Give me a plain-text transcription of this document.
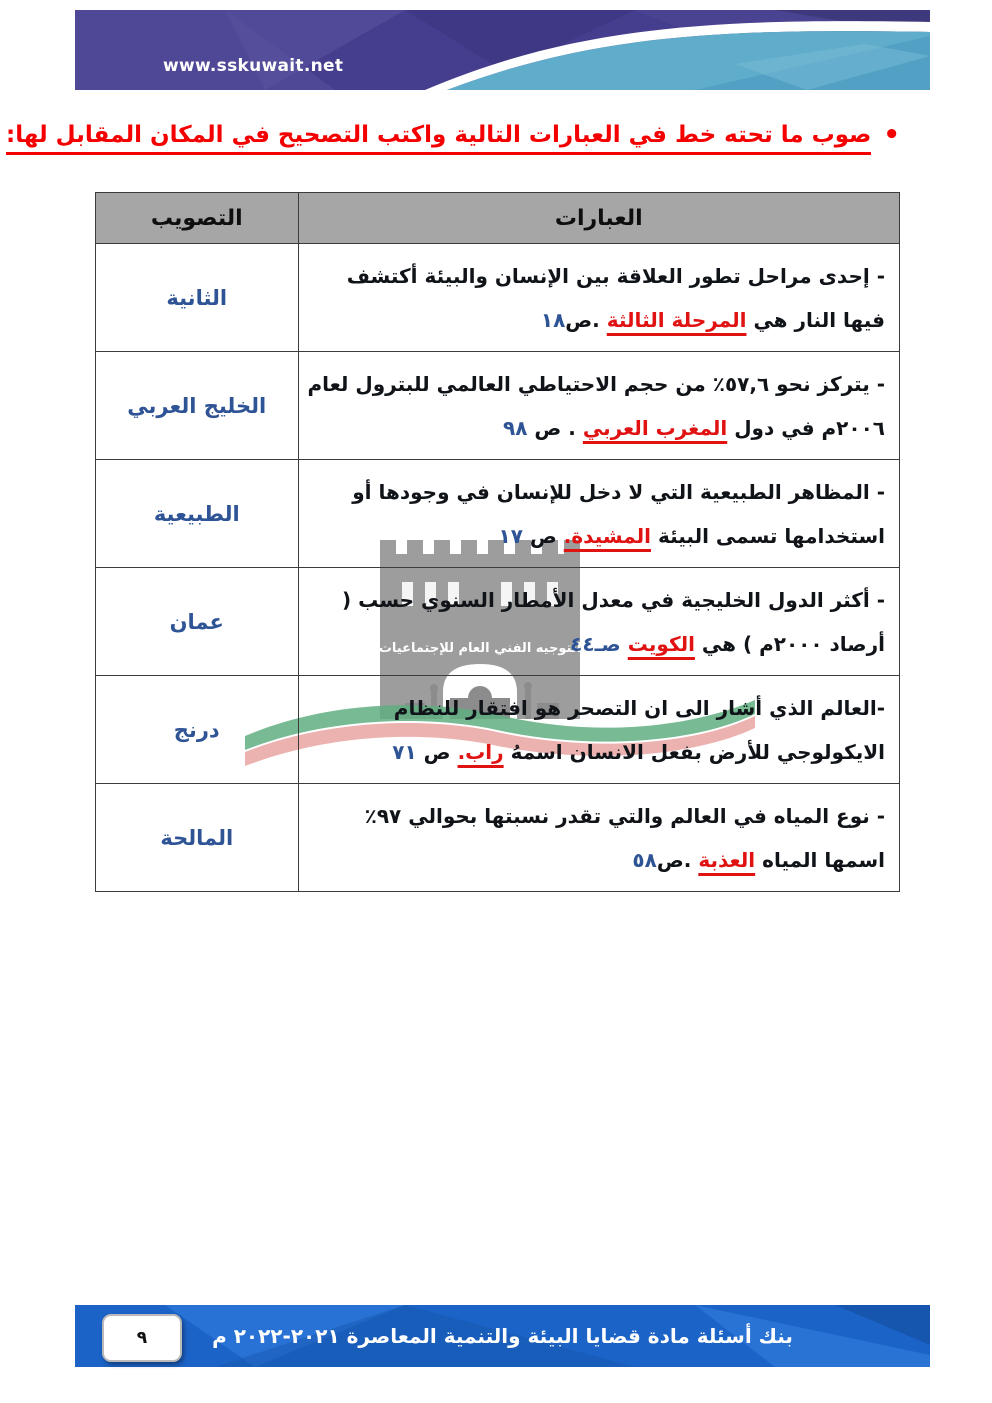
www.sskuwait.net
•صوب ما تحته خط في العبارات التالية واكتب التصحيح في المكان المقابل لها:
التوجيه الفني العام للإجتماعيات
العبارات	التصويب
- إحدى مراحل تطور العلاقة بين الإنسان والبيئة أكتشف فيها النار هي المرحلة الثالثة .ص١٨	الثانية
- يتركز نحو ٥٧,٦٪ من حجم الاحتياطي العالمي للبترول لعام ٢٠٠٦م في دول المغرب العربي . ص ٩٨	الخليج العربي
- المظاهر الطبيعية التي لا دخل للإنسان في وجودها أو استخدامها تسمى البيئة المشيدة. ص ١٧	الطبيعية
- أكثر الدول الخليجية في معدل الأمطار السنوي حسب ( أرصاد ٢٠٠٠م ) هي الكويت صـ٤٤	عمان
-العالم الذي أشار الى ان التصحر هو افتقار للنظام الايكولوجي للأرض بفعل الانسان اسمهُ راب. ص ٧١	درنج
- نوع المياه في العالم والتي تقدر نسبتها بحوالي ٩٧٪ اسمها المياه العذبة .ص٥٨	المالحة
بنك أسئلة مادة قضايا البيئة والتنمية المعاصرة ٢٠٢١-٢٠٢٢ م
٩
